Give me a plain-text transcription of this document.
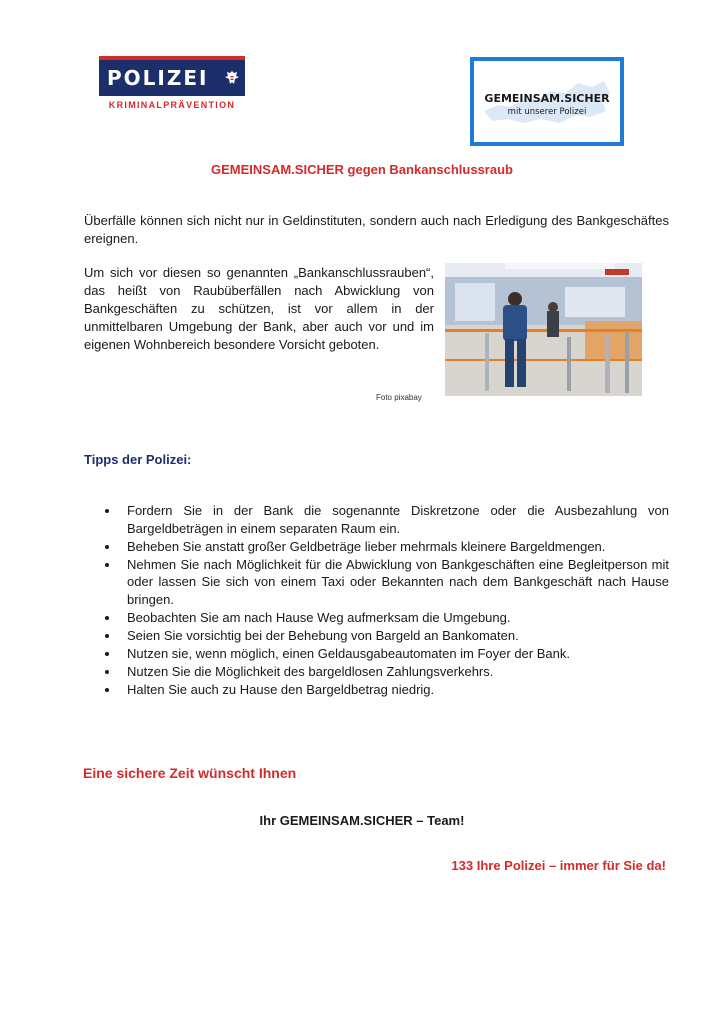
POLIZEI
KRIMINALPRÄVENTION	GEMEINSAM.SICHER
mit unserer Polizei
GEMEINSAM.SICHER gegen Bankanschlussraub
Überfälle können sich nicht nur in Geldinstituten, sondern auch nach Erledigung des Bankgeschäftes ereignen.
Um sich vor diesen so genannten „Bankanschlussrauben“, das heißt von Raubüberfällen nach Abwicklung von Bankgeschäften zu schützen, ist vor allem in der unmittelbaren Umgebung der Bank, aber auch vor und im eigenen Wohnbereich besondere Vorsicht geboten.
Foto pixabay
Tipps der Polizei:
Fordern Sie in der Bank die sogenannte Diskretzone oder die Ausbezahlung von Bargeldbeträgen in einem separaten Raum ein.
Beheben Sie anstatt großer Geldbeträge lieber mehrmals kleinere Bargeldmengen.
Nehmen Sie nach Möglichkeit für die Abwicklung von Bankgeschäften eine Begleitperson mit oder lassen Sie sich von einem Taxi oder Bekannten nach dem Bankgeschäft nach Hause bringen.
Beobachten Sie am nach Hause Weg aufmerksam die Umgebung.
Seien Sie vorsichtig bei der Behebung von Bargeld an Bankomaten.
Nutzen sie, wenn möglich, einen Geldausgabeautomaten im Foyer der Bank.
Nutzen Sie die Möglichkeit des bargeldlosen Zahlungsverkehrs.
Halten Sie auch zu Hause den Bargeldbetrag niedrig.
Eine sichere Zeit wünscht Ihnen
Ihr GEMEINSAM.SICHER – Team!
133 Ihre Polizei – immer für Sie da!
